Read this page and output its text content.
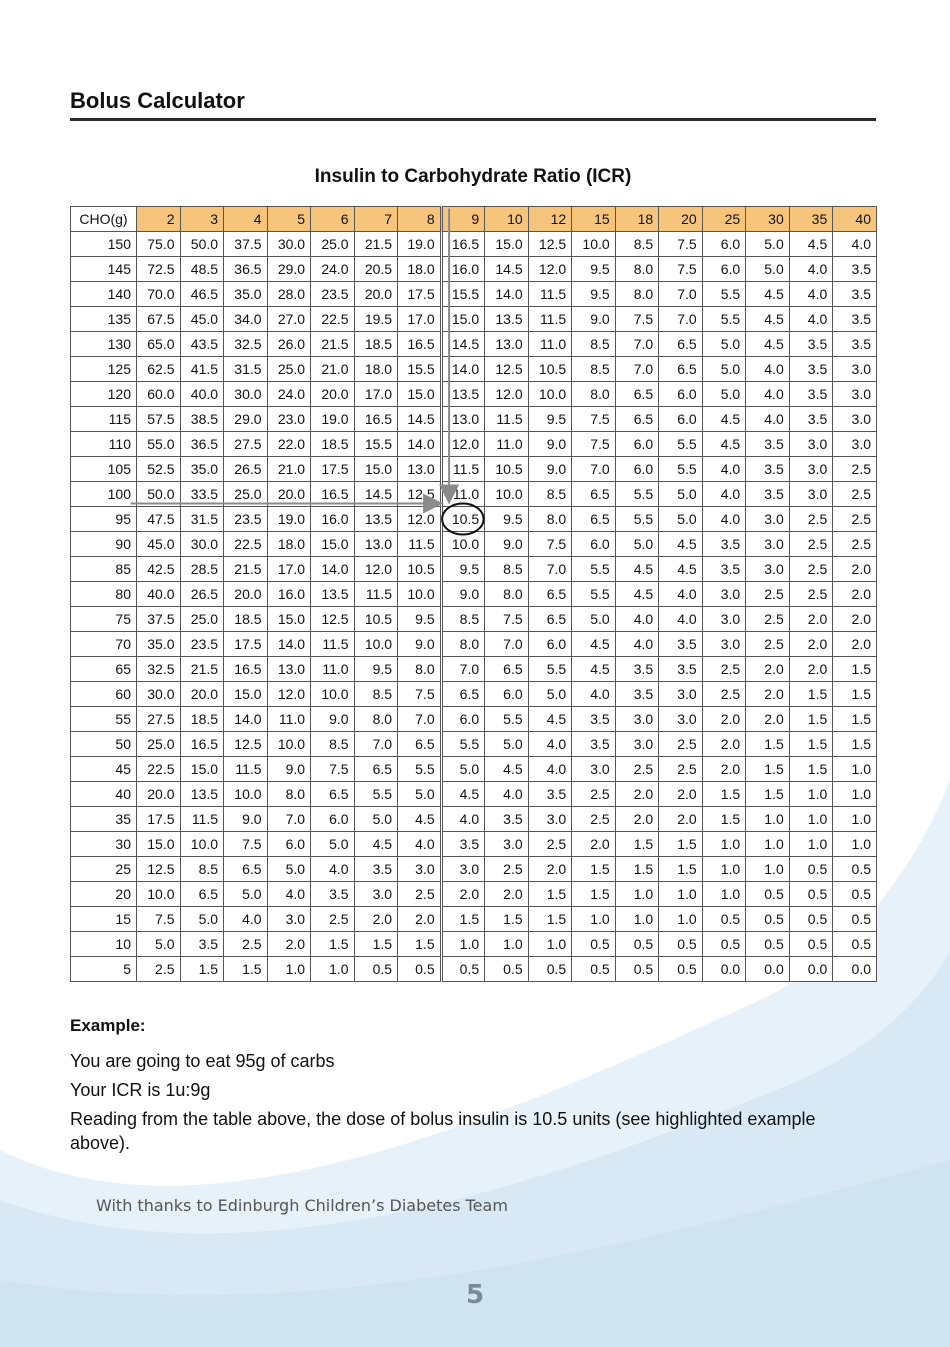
Bolus Calculator
Insulin to Carbohydrate Ratio (ICR)
CHO(g)	2	3	4	5	6	7	8	9	10	12	15	18	20	25	30	35	40
150	75.0	50.0	37.5	30.0	25.0	21.5	19.0	16.5	15.0	12.5	10.0	8.5	7.5	6.0	5.0	4.5	4.0
145	72.5	48.5	36.5	29.0	24.0	20.5	18.0	16.0	14.5	12.0	9.5	8.0	7.5	6.0	5.0	4.0	3.5
140	70.0	46.5	35.0	28.0	23.5	20.0	17.5	15.5	14.0	11.5	9.5	8.0	7.0	5.5	4.5	4.0	3.5
135	67.5	45.0	34.0	27.0	22.5	19.5	17.0	15.0	13.5	11.5	9.0	7.5	7.0	5.5	4.5	4.0	3.5
130	65.0	43.5	32.5	26.0	21.5	18.5	16.5	14.5	13.0	11.0	8.5	7.0	6.5	5.0	4.5	3.5	3.5
125	62.5	41.5	31.5	25.0	21.0	18.0	15.5	14.0	12.5	10.5	8.5	7.0	6.5	5.0	4.0	3.5	3.0
120	60.0	40.0	30.0	24.0	20.0	17.0	15.0	13.5	12.0	10.0	8.0	6.5	6.0	5.0	4.0	3.5	3.0
115	57.5	38.5	29.0	23.0	19.0	16.5	14.5	13.0	11.5	9.5	7.5	6.5	6.0	4.5	4.0	3.5	3.0
110	55.0	36.5	27.5	22.0	18.5	15.5	14.0	12.0	11.0	9.0	7.5	6.0	5.5	4.5	3.5	3.0	3.0
105	52.5	35.0	26.5	21.0	17.5	15.0	13.0	11.5	10.5	9.0	7.0	6.0	5.5	4.0	3.5	3.0	2.5
100	50.0	33.5	25.0	20.0	16.5	14.5	12.5	11.0	10.0	8.5	6.5	5.5	5.0	4.0	3.5	3.0	2.5
95	47.5	31.5	23.5	19.0	16.0	13.5	12.0	10.5	9.5	8.0	6.5	5.5	5.0	4.0	3.0	2.5	2.5
90	45.0	30.0	22.5	18.0	15.0	13.0	11.5	10.0	9.0	7.5	6.0	5.0	4.5	3.5	3.0	2.5	2.5
85	42.5	28.5	21.5	17.0	14.0	12.0	10.5	9.5	8.5	7.0	5.5	4.5	4.5	3.5	3.0	2.5	2.0
80	40.0	26.5	20.0	16.0	13.5	11.5	10.0	9.0	8.0	6.5	5.5	4.5	4.0	3.0	2.5	2.5	2.0
75	37.5	25.0	18.5	15.0	12.5	10.5	9.5	8.5	7.5	6.5	5.0	4.0	4.0	3.0	2.5	2.0	2.0
70	35.0	23.5	17.5	14.0	11.5	10.0	9.0	8.0	7.0	6.0	4.5	4.0	3.5	3.0	2.5	2.0	2.0
65	32.5	21.5	16.5	13.0	11.0	9.5	8.0	7.0	6.5	5.5	4.5	3.5	3.5	2.5	2.0	2.0	1.5
60	30.0	20.0	15.0	12.0	10.0	8.5	7.5	6.5	6.0	5.0	4.0	3.5	3.0	2.5	2.0	1.5	1.5
55	27.5	18.5	14.0	11.0	9.0	8.0	7.0	6.0	5.5	4.5	3.5	3.0	3.0	2.0	2.0	1.5	1.5
50	25.0	16.5	12.5	10.0	8.5	7.0	6.5	5.5	5.0	4.0	3.5	3.0	2.5	2.0	1.5	1.5	1.5
45	22.5	15.0	11.5	9.0	7.5	6.5	5.5	5.0	4.5	4.0	3.0	2.5	2.5	2.0	1.5	1.5	1.0
40	20.0	13.5	10.0	8.0	6.5	5.5	5.0	4.5	4.0	3.5	2.5	2.0	2.0	1.5	1.5	1.0	1.0
35	17.5	11.5	9.0	7.0	6.0	5.0	4.5	4.0	3.5	3.0	2.5	2.0	2.0	1.5	1.0	1.0	1.0
30	15.0	10.0	7.5	6.0	5.0	4.5	4.0	3.5	3.0	2.5	2.0	1.5	1.5	1.0	1.0	1.0	1.0
25	12.5	8.5	6.5	5.0	4.0	3.5	3.0	3.0	2.5	2.0	1.5	1.5	1.5	1.0	1.0	0.5	0.5
20	10.0	6.5	5.0	4.0	3.5	3.0	2.5	2.0	2.0	1.5	1.5	1.0	1.0	1.0	0.5	0.5	0.5
15	7.5	5.0	4.0	3.0	2.5	2.0	2.0	1.5	1.5	1.5	1.0	1.0	1.0	0.5	0.5	0.5	0.5
10	5.0	3.5	2.5	2.0	1.5	1.5	1.5	1.0	1.0	1.0	0.5	0.5	0.5	0.5	0.5	0.5	0.5
5	2.5	1.5	1.5	1.0	1.0	0.5	0.5	0.5	0.5	0.5	0.5	0.5	0.5	0.0	0.0	0.0	0.0
Example:
You are going to eat 95g of carbs
Your ICR is 1u:9g
Reading from the table above, the dose of bolus insulin is 10.5 units (see highlighted example above).
With thanks to Edinburgh Children’s Diabetes Team
5
